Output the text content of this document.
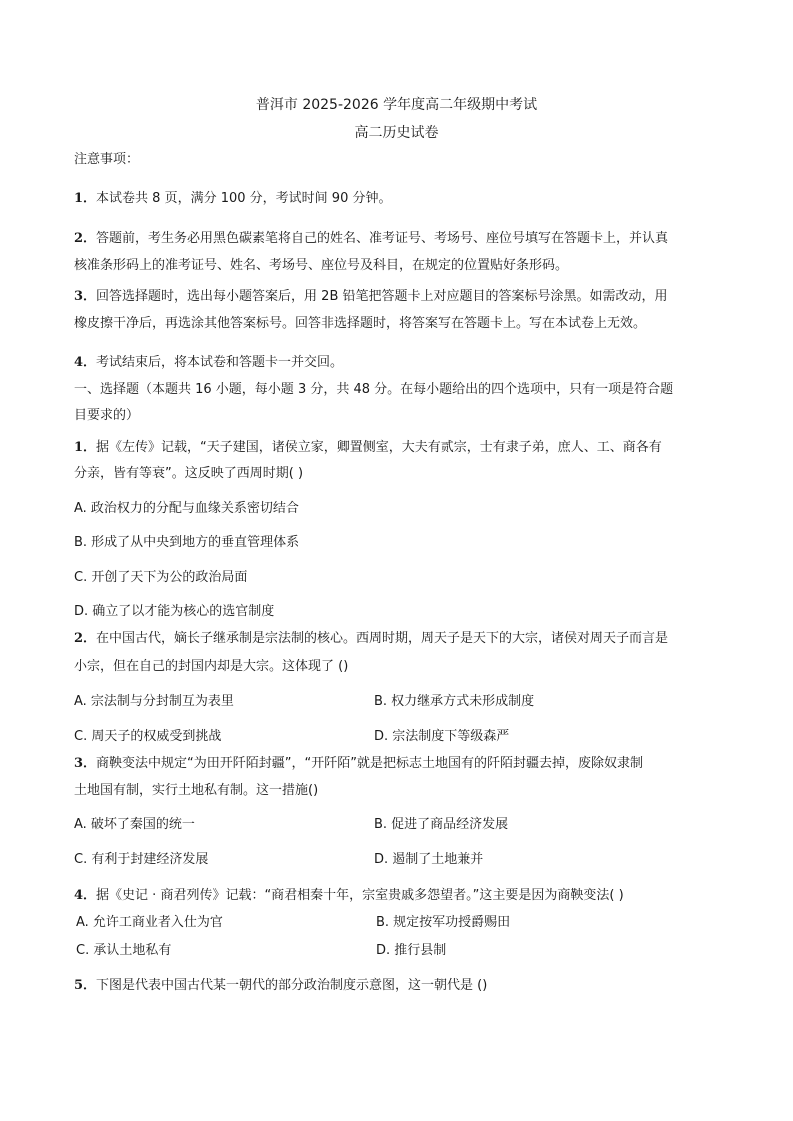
普洱市 2025-2026 学年度高二年级期中考试
高二历史试卷
注意事项：
1．本试卷共 8 页，满分 100 分，考试时间 90 分钟。
2．答题前，考生务必用黑色碳素笔将自己的姓名、准考证号、考场号、座位号填写在答题卡上，并认真
核准条形码上的准考证号、姓名、考场号、座位号及科目，在规定的位置贴好条形码。
3．回答选择题时，选出每小题答案后，用 2B 铅笔把答题卡上对应题目的答案标号涂黑。如需改动，用
橡皮擦干净后，再选涂其他答案标号。回答非选择题时，将答案写在答题卡上。写在本试卷上无效。
4．考试结束后，将本试卷和答题卡一并交回。
一、选择题（本题共 16 小题，每小题 3 分，共 48 分。在每小题给出的四个选项中，只有一项是符合题
目要求的）
1．据《左传》记载，“天子建国，诸侯立家，卿置侧室，大夫有贰宗，士有隶子弟，庶人、工、商各有
分亲，皆有等衰”。这反映了西周时期( )
A. 政治权力的分配与血缘关系密切结合
B. 形成了从中央到地方的垂直管理体系
C. 开创了天下为公的政治局面
D. 确立了以才能为核心的选官制度
2．在中国古代，嫡长子继承制是宗法制的核心。西周时期，周天子是天下的大宗，诸侯对周天子而言是
小宗，但在自己的封国内却是大宗。这体现了 ()
A. 宗法制与分封制互为表里	B. 权力继承方式未形成制度
C. 周天子的权威受到挑战	D. 宗法制度下等级森严
3．商鞅变法中规定“为田开阡陌封疆”，“开阡陌”就是把标志土地国有的阡陌封疆去掉，废除奴隶制
土地国有制，实行土地私有制。这一措施()
A. 破坏了秦国的统一	B. 促进了商品经济发展
C. 有利于封建经济发展	D. 遏制了土地兼并
4．据《史记 · 商君列传》记载：“商君相秦十年，宗室贵戚多怨望者。”这主要是因为商鞅变法( )
A. 允许工商业者入仕为官	B. 规定按军功授爵赐田
C. 承认土地私有	D. 推行县制
5．下图是代表中国古代某一朝代的部分政治制度示意图，这一朝代是 ()
